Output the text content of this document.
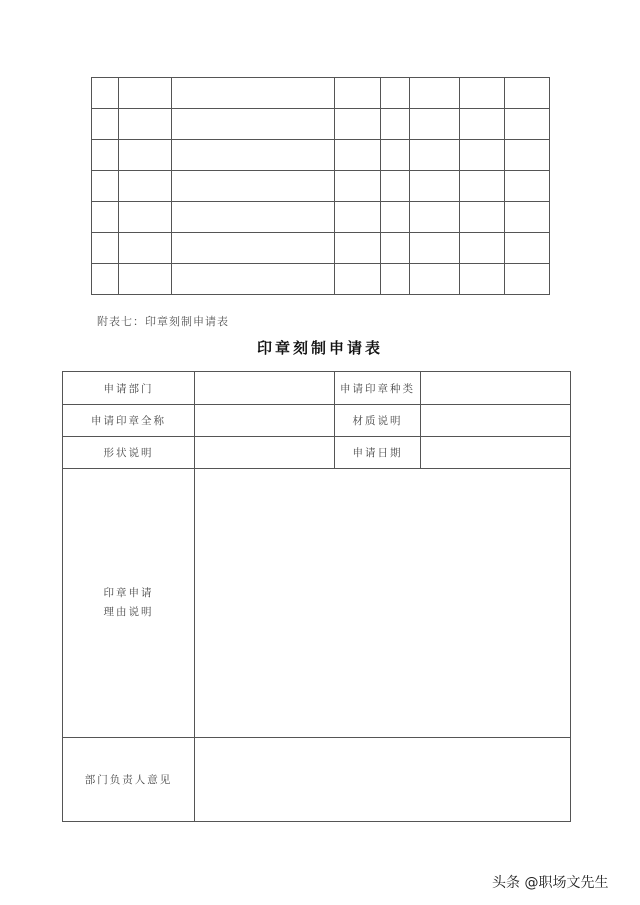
附表七：印章刻制申请表
印章刻制申请表
申请部门		申请印章种类	
申请印章全称		材质说明	
形状说明		申请日期	

印章申请
理由说明			

部门负责人意见			
头条 @职场文先生
